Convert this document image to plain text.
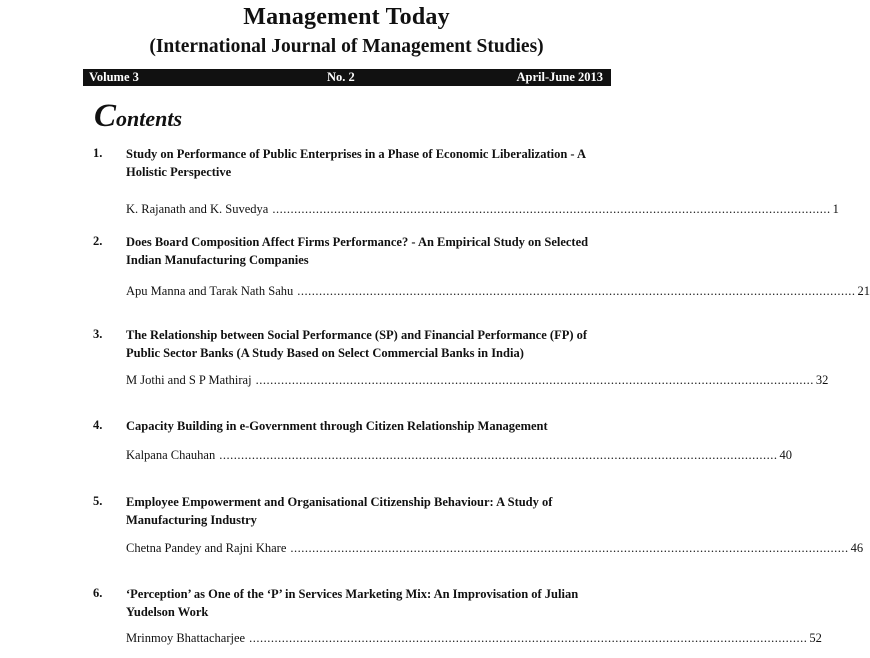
Management Today
(International Journal of Management Studies)
Volume 3	No. 2	April-June 2013
Contents
1. Study on Performance of Public Enterprises in a Phase of Economic Liberalization - A Holistic Perspective
K. Rajanath and K. Suvedya .......................................................................................................................................................... 1
2. Does Board Composition Affect Firms Performance? - An Empirical Study on Selected Indian Manufacturing Companies
Apu Manna and Tarak Nath Sahu .......................................................................................................................................................... 21
3. The Relationship between Social Performance (SP) and Financial Performance (FP) of Public Sector Banks (A Study Based on Select Commercial Banks in India)
M Jothi and S P Mathiraj .......................................................................................................................................................... 32
4. Capacity Building in e-Government through Citizen Relationship Management
Kalpana Chauhan .......................................................................................................................................................... 40
5. Employee Empowerment and Organisational Citizenship Behaviour: A Study of Manufacturing Industry
Chetna Pandey and Rajni Khare .......................................................................................................................................................... 46
6. ‘Perception’ as One of the ‘P’ in Services Marketing Mix: An Improvisation of Julian Yudelson Work
Mrinmoy Bhattacharjee .......................................................................................................................................................... 52
